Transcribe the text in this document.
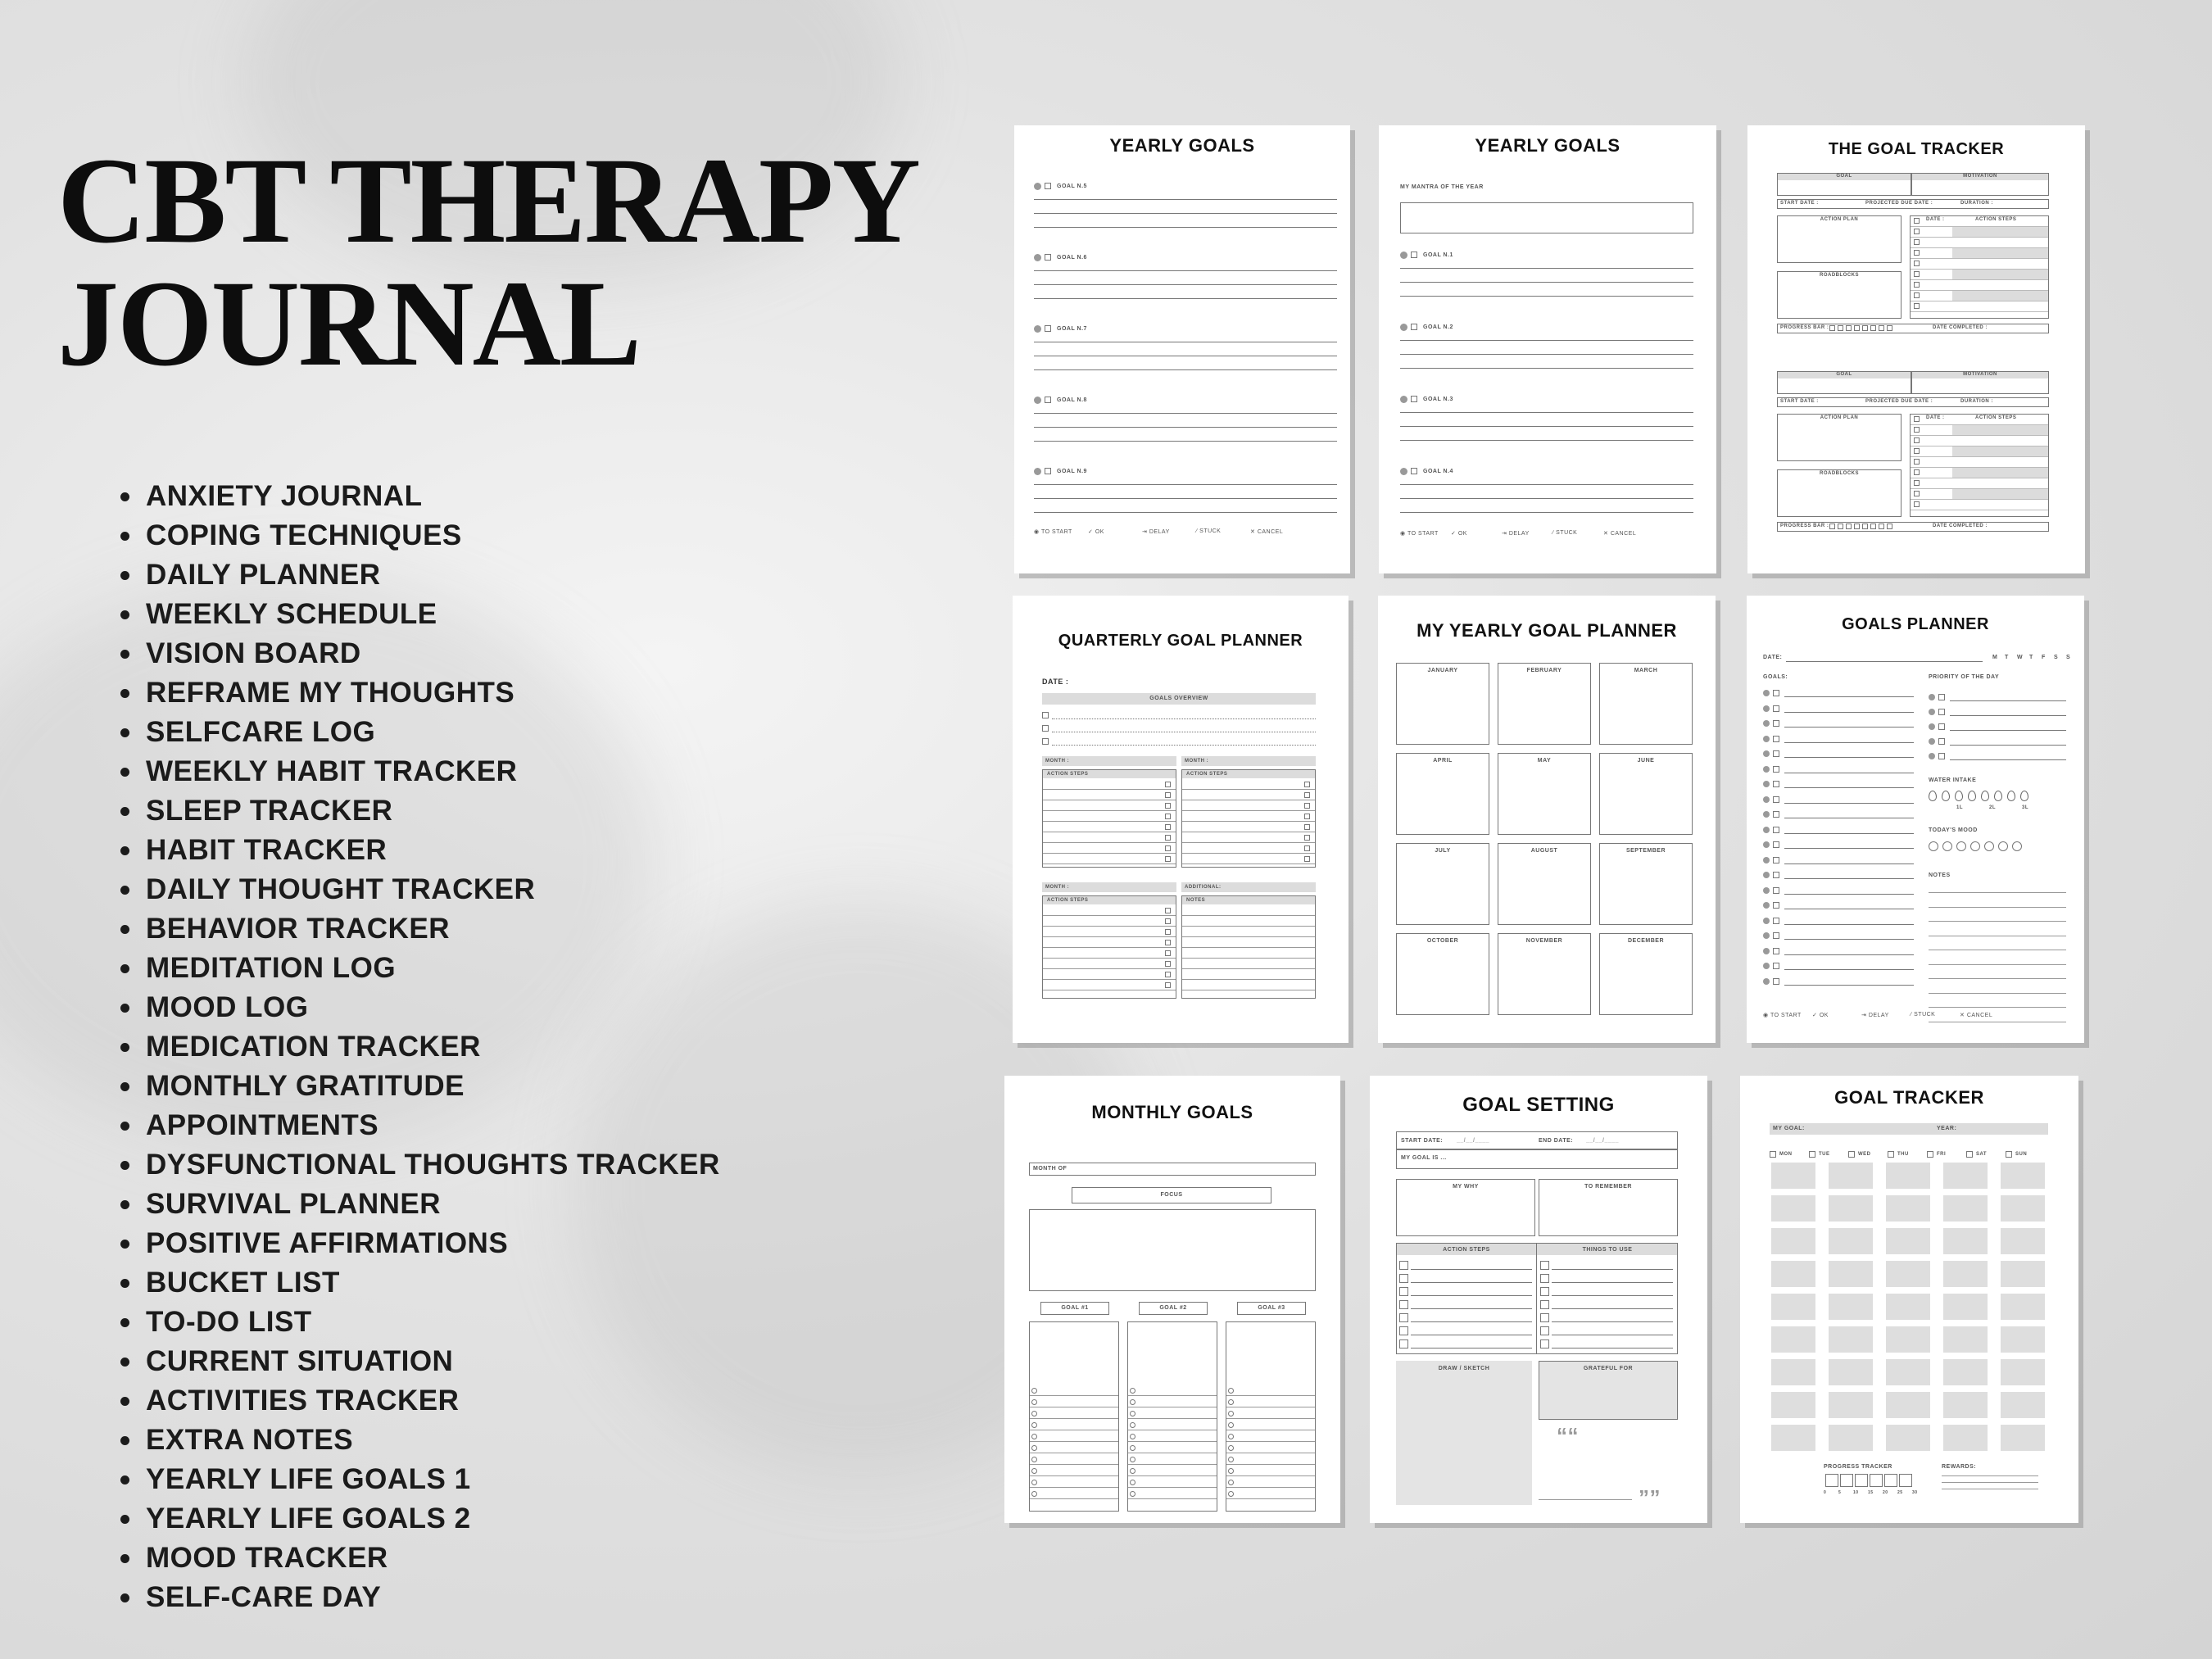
CBT THERAPY
JOURNAL
ANXIETY JOURNAL
COPING TECHNIQUES
DAILY PLANNER
WEEKLY SCHEDULE
VISION BOARD
REFRAME MY THOUGHTS
SELFCARE LOG
WEEKLY HABIT TRACKER
SLEEP TRACKER
HABIT TRACKER
DAILY THOUGHT TRACKER
BEHAVIOR TRACKER
MEDITATION LOG
MOOD LOG
MEDICATION TRACKER
MONTHLY GRATITUDE
APPOINTMENTS
DYSFUNCTIONAL THOUGHTS TRACKER
SURVIVAL PLANNER
POSITIVE AFFIRMATIONS
BUCKET LIST
TO-DO LIST
CURRENT SITUATION
ACTIVITIES TRACKER
EXTRA NOTES
YEARLY LIFE GOALS 1
YEARLY LIFE GOALS 2
MOOD TRACKER
SELF-CARE DAY
YEARLY GOALS
GOAL N.5
GOAL N.6
GOAL N.7
GOAL N.8
GOAL N.9
◉ TO START	✓ OK	⇥ DELAY	∕ STUCK	✕ CANCEL
YEARLY GOALS
MY MANTRA OF THE YEAR
GOAL N.1
GOAL N.2
GOAL N.3
GOAL N.4
◉ TO START ✓ OK	⇥ DELAY	∕ STUCK	✕ CANCEL
THE GOAL TRACKER
GOAL	MOTIVATION
START DATE :	PROJECTED DUE DATE :	DURATION :
ACTION PLAN
ROADBLOCKS
DATE :	ACTION STEPS
PROGRESS BAR :	DATE COMPLETED :
GOAL	MOTIVATION
START DATE :	PROJECTED DUE DATE :	DURATION :
ACTION PLAN
ROADBLOCKS
DATE :	ACTION STEPS
PROGRESS BAR :	DATE COMPLETED :
QUARTERLY GOAL PLANNER
DATE :
GOALS OVERVIEW
MONTH :
ACTION STEPS
MONTH :
ACTION STEPS
MONTH :
ACTION STEPS
ADDITIONAL:
NOTES
MY YEARLY GOAL PLANNER
JANUARY	FEBRUARY	MARCH
APRIL	MAY	JUNE
JULY	AUGUST	SEPTEMBER
OCTOBER	NOVEMBER	DECEMBER
GOALS PLANNER
DATE:
GOALS:	PRIORITY OF THE DAY
WATER INTAKE
TODAY'S MOOD
NOTES
M T W T F S S
1L	2L	3L
◉ TO START ✓ OK	⇥ DELAY	∕ STUCK	✕ CANCEL
MONTHLY GOALS
MONTH OF
FOCUS
GOAL #1	GOAL #2	GOAL #3
GOAL SETTING
START DATE: __/__/____	END DATE: __/__/____
MY GOAL IS ...
MY WHY	TO REMEMBER
ACTION STEPS	THINGS TO USE
DRAW / SKETCH	GRATEFUL FOR
““
””
GOAL TRACKER
MY GOAL:	YEAR:
PROGRESS TRACKER	REWARDS:
MON	TUE	WED	THU	FRI	SAT	SUN
0	5	10 15 20 25 30
